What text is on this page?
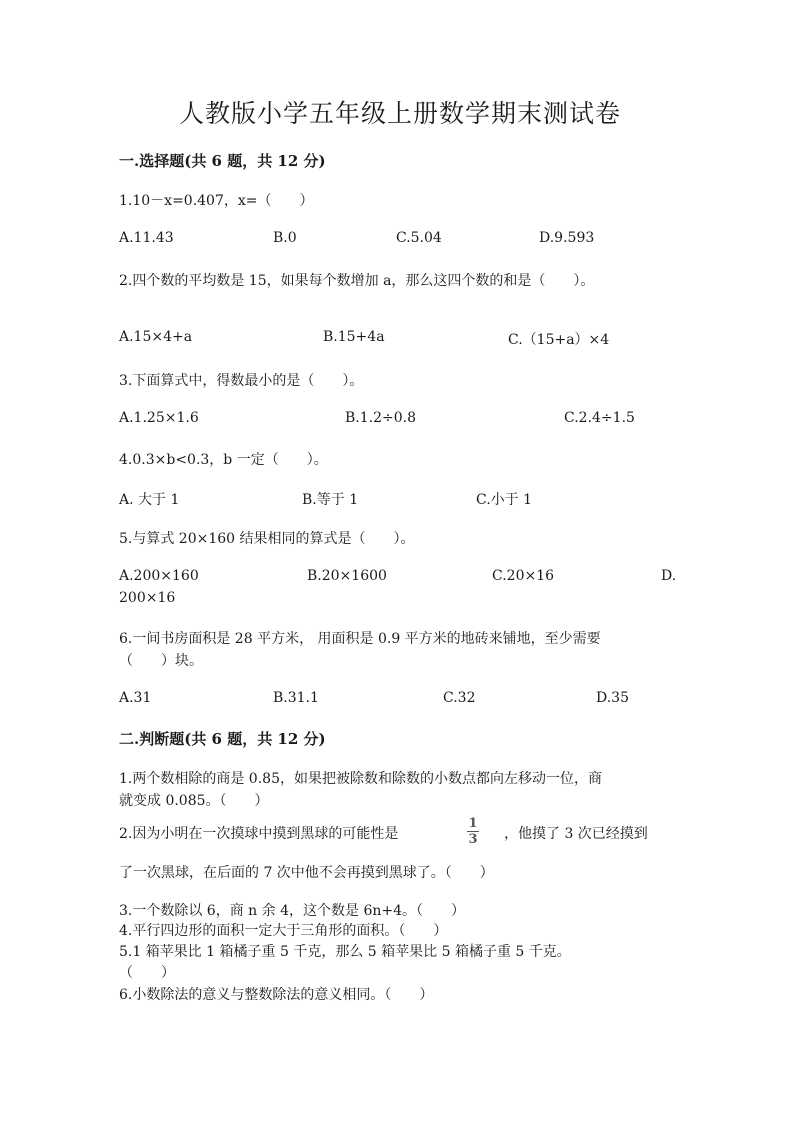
人教版小学五年级上册数学期末测试卷
一.选择题(共 6 题，共 12 分)
1.10－x=0.407，x=（　　）
A.11.43	B.0	C.5.04	D.9.593
2.四个数的平均数是 15，如果每个数增加 a，那么这四个数的和是（　　）。
A.15×4+a	B.15+4a	C.（15+a）×4
3.下面算式中，得数最小的是（　　）。
A.1.25×1.6	B.1.2÷0.8	C.2.4÷1.5
4.0.3×b<0.3，b 一定（　　）。
A. 大于 1	B.等于 1	C.小于 1
5.与算式 20×160 结果相同的算式是（　　）。
A.200×160	B.20×1600	C.20×16	D.
200×16
6.一间书房面积是 28 平方米， 用面积是 0.9 平方米的地砖来铺地，至少需要
（　　）块。
A.31	B.31.1	C.32	D.35
二.判断题(共 6 题，共 12 分)
1.两个数相除的商是 0.85，如果把被除数和除数的小数点都向左移动一位，商
就变成 0.085。（　　）
2.因为小明在一次摸球中摸到黑球的可能性是
1
3 ，他摸了 3 次已经摸到
了一次黑球，在后面的 7 次中他不会再摸到黑球了。（　　）
3.一个数除以 6，商 n 余 4，这个数是 6n+4。（　　）
4.平行四边形的面积一定大于三角形的面积。（　　）
5.1 箱苹果比 1 箱橘子重 5 千克，那么 5 箱苹果比 5 箱橘子重 5 千克。
（　　）
6.小数除法的意义与整数除法的意义相同。（　　）
